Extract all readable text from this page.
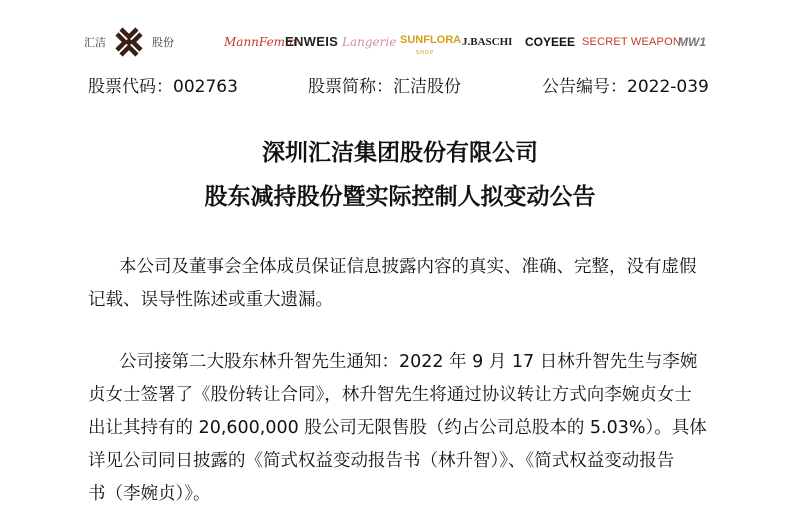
汇洁	股份	MannFemm
ENWEIS Langerie SUNFLORA
SHOP
J.BASCHI COYEEE SECRET WEAPON
MW1
股票代码：002763	股票简称：汇洁股份	公告编号：2022-039
深圳汇洁集团股份有限公司
股东减持股份暨实际控制人拟变动公告
本公司及董事会全体成员保证信息披露内容的真实、准确、完整，没有虚假
记载、误导性陈述或重大遗漏。
公司接第二大股东林升智先生通知：2022 年 9 月 17 日林升智先生与李婉
贞女士签署了《股份转让合同》，林升智先生将通过协议转让方式向李婉贞女士
出让其持有的 20,600,000 股公司无限售股（约占公司总股本的 5.03%）。具体
详见公司同日披露的《简式权益变动报告书（林升智）》、《简式权益变动报告
书（李婉贞）》。
